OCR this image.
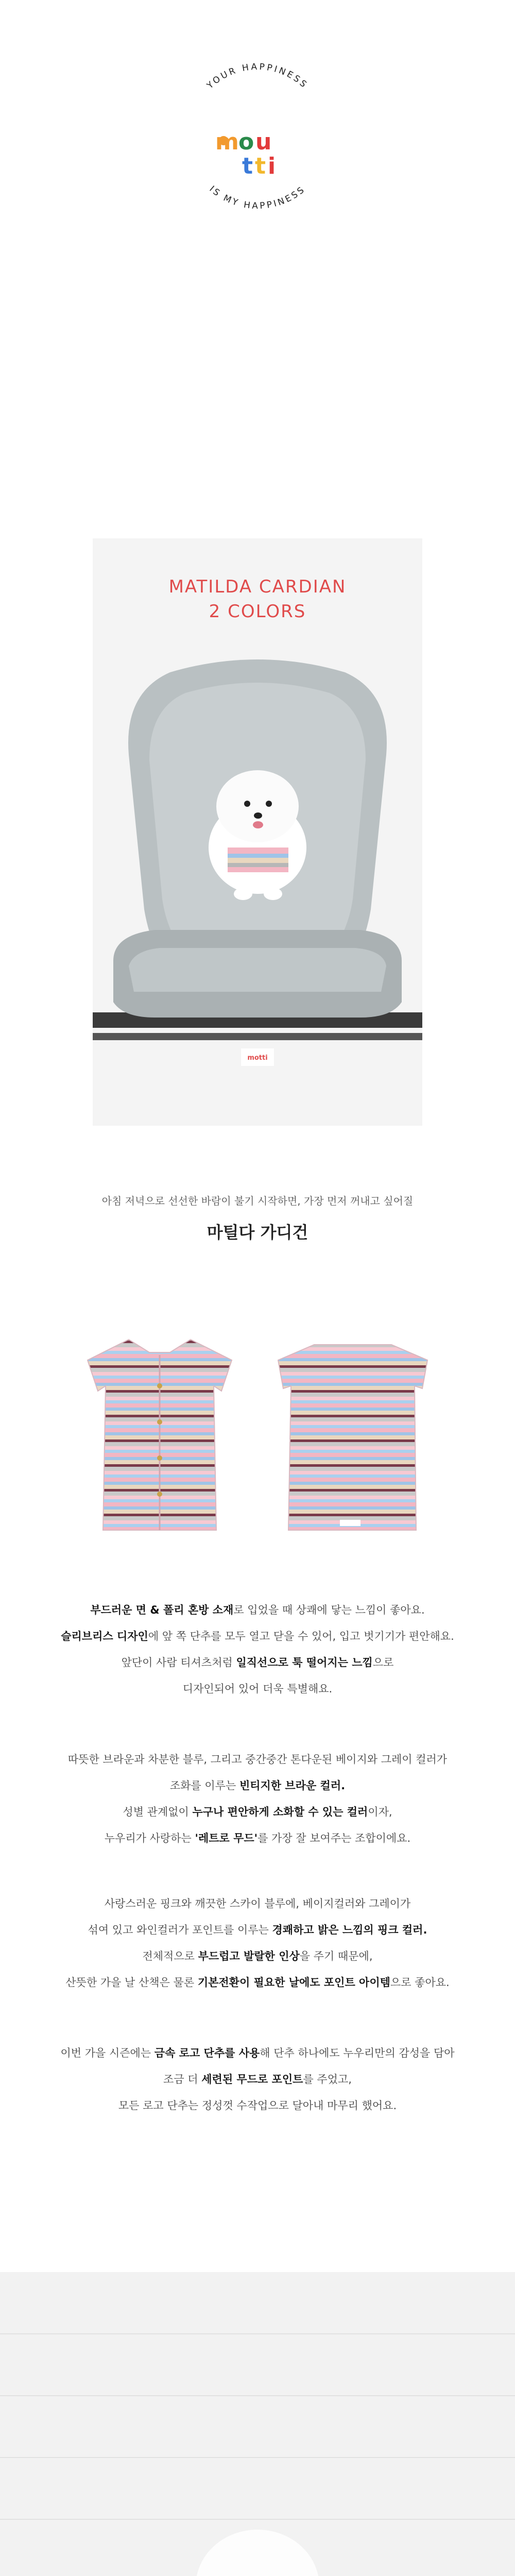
YOUR HAPPINESS
IS MY HAPPINESS
m o u
t t i
motti
MATILDA CARDIAN
2 COLORS
아침 저녁으로 선선한 바람이 불기 시작하면, 가장 먼저 꺼내고 싶어질
마틸다 가디건

부드러운 면 & 폴리 혼방 소재로 입었을 때 상쾌에 닿는 느낌이 좋아요.

슬리브리스 디자인에 앞 쪽 단추를 모두 열고 닫을 수 있어, 입고 벗기기가 편안해요.

앞단이 사람 티셔츠처럼 일직선으로 툭 떨어지는 느낌으로

디자인되어 있어 더욱 특별해요.

따뜻한 브라운과 차분한 블루, 그리고 중간중간 톤다운된 베이지와 그레이 컬러가

조화를 이루는 빈티지한 브라운 컬러.

성별 관계없이 누구나 편안하게 소화할 수 있는 컬러이자,

누우리가 사랑하는 '레트로 무드'를 가장 잘 보여주는 조합이에요.

사랑스러운 핑크와 깨끗한 스카이 블루에, 베이지컬러와 그레이가

섞여 있고 와인컬러가 포인트를 이루는 경쾌하고 밝은 느낌의 핑크 컬러.

전체적으로 부드럽고 발랄한 인상을 주기 때문에,

산뜻한 가을 날 산책은 물론 기본전환이 필요한 날에도 포인트 아이템으로 좋아요.

이번 가을 시즌에는 금속 로고 단추를 사용해 단추 하나에도 누우리만의 감성을 담아

조금 더 세련된 무드로 포인트를 주었고,

모든 로고 단추는 정성껏 수작업으로 달아내 마무리 했어요.
